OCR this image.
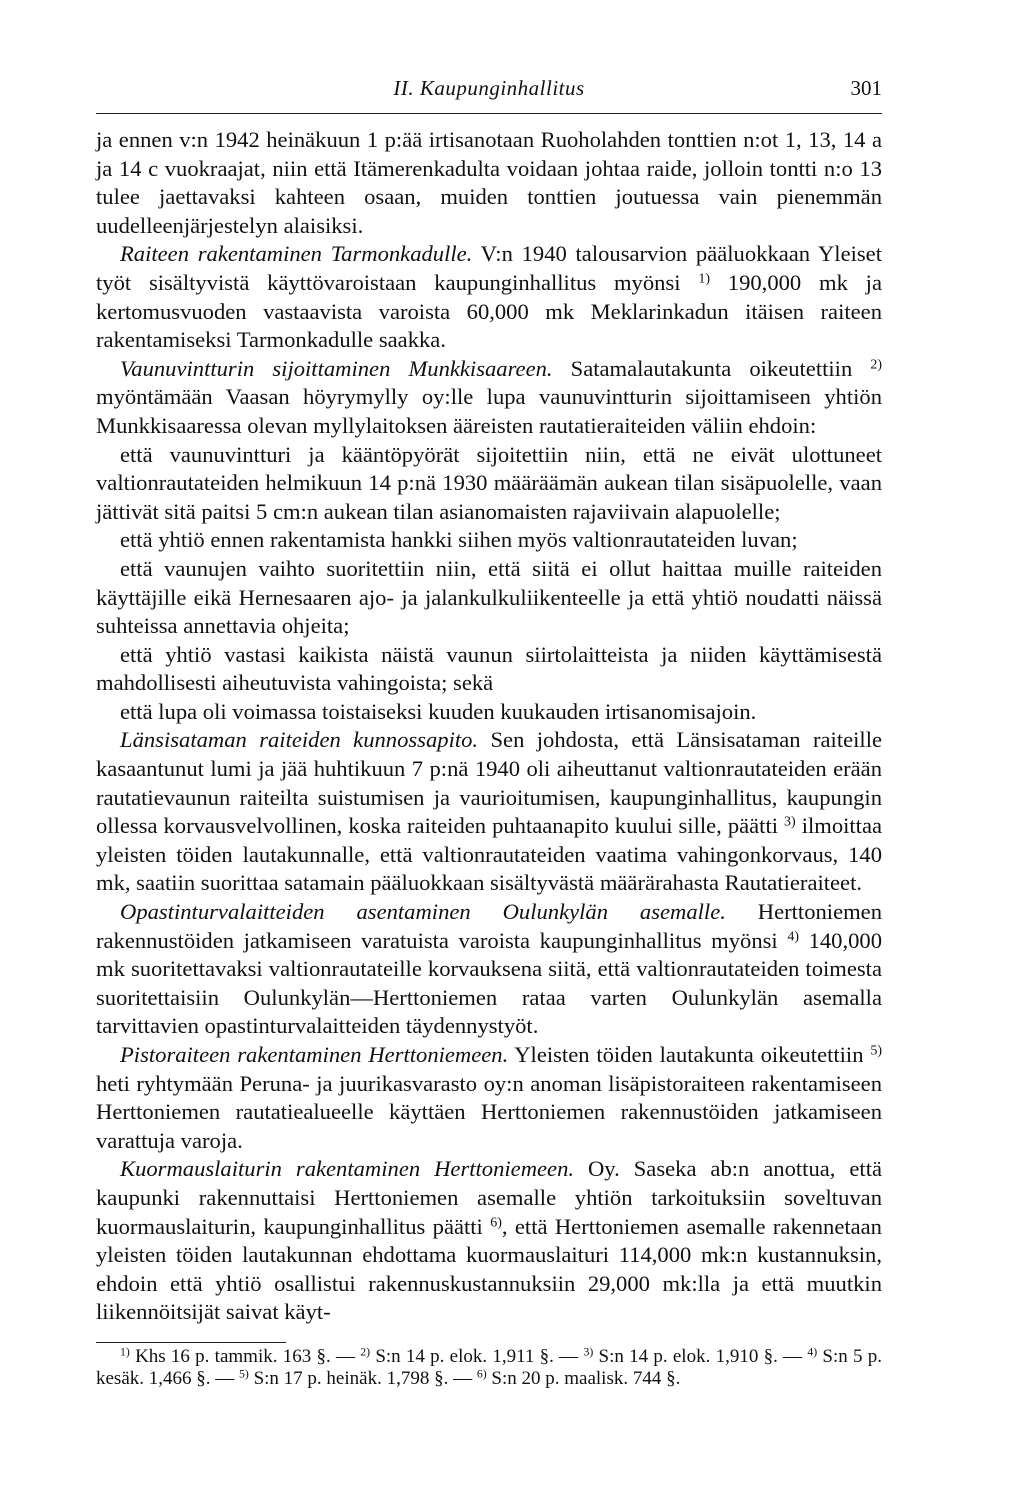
II. Kaupunginhallitus	301

ja ennen v:n 1942 heinäkuun 1 p:ää irtisanotaan Ruoholahden tonttien n:ot 1, 13, 14 a ja 14 c vuokraajat, niin että Itämerenkadulta voidaan johtaa raide, jolloin tontti n:o 13 tulee jaettavaksi kahteen osaan, muiden tonttien joutuessa vain pienemmän uudelleenjärjestelyn alaisiksi.

Raiteen rakentaminen Tarmonkadulle. V:n 1940 talousarvion pääluokkaan Yleiset työt sisältyvistä käyttövaroistaan kaupunginhallitus myönsi $^{1)}$ 190,000 mk ja kertomusvuoden vastaavista varoista 60,000 mk Meklarinkadun itäisen raiteen rakentamiseksi Tarmonkadulle saakka.

Vaunuvintturin sijoittaminen Munkkisaareen. Satamalautakunta oikeutettiin $^{2)}$ myöntämään Vaasan höyrymylly oy:lle lupa vaunuvintturin sijoittamiseen yhtiön Munkkisaaressa olevan myllylaitoksen ääreisten rautatieraiteiden väliin ehdoin:

että vaunuvintturi ja kääntöpyörät sijoitettiin niin, että ne eivät ulottuneet valtionrautateiden helmikuun 14 p:nä 1930 määräämän aukean tilan sisäpuolelle, vaan jättivät sitä paitsi 5 cm:n aukean tilan asianomaisten rajaviivain alapuolelle;

että yhtiö ennen rakentamista hankki siihen myös valtionrautateiden luvan;

että vaunujen vaihto suoritettiin niin, että siitä ei ollut haittaa muille raiteiden käyttäjille eikä Hernesaaren ajo- ja jalankulkuliikenteelle ja että yhtiö noudatti näissä suhteissa annettavia ohjeita;

että yhtiö vastasi kaikista näistä vaunun siirtolaitteista ja niiden käyttämisestä mahdollisesti aiheutuvista vahingoista; sekä

että lupa oli voimassa toistaiseksi kuuden kuukauden irtisanomisajoin.

Länsisataman raiteiden kunnossapito. Sen johdosta, että Länsisataman raiteille kasaantunut lumi ja jää huhtikuun 7 p:nä 1940 oli aiheuttanut valtionrautateiden erään rautatievaunun raiteilta suistumisen ja vaurioitumisen, kaupunginhallitus, kaupungin ollessa korvausvelvollinen, koska raiteiden puhtaanapito kuului sille, päätti $^{3)}$ ilmoittaa yleisten töiden lautakunnalle, että valtionrautateiden vaatima vahingonkorvaus, 140 mk, saatiin suorittaa satamain pääluokkaan sisältyvästä määrärahasta Rautatieraiteet.

Opastinturvalaitteiden asentaminen Oulunkylän asemalle. Herttoniemen rakennustöiden jatkamiseen varatuista varoista kaupunginhallitus myönsi $^{4)}$ 140,000 mk suoritettavaksi valtionrautateille korvauksena siitä, että valtionrautateiden toimesta suoritettaisiin Oulunkylän—Herttoniemen rataa varten Oulunkylän asemalla tarvittavien opastinturvalaitteiden täydennystyöt.

Pistoraiteen rakentaminen Herttoniemeen. Yleisten töiden lautakunta oikeutettiin $^{5)}$ heti ryhtymään Peruna- ja juurikasvarasto oy:n anoman lisäpistoraiteen rakentamiseen Herttoniemen rautatiealueelle käyttäen Herttoniemen rakennustöiden jatkamiseen varattuja varoja.

Kuormauslaiturin rakentaminen Herttoniemeen. Oy. Saseka ab:n anottua, että kaupunki rakennuttaisi Herttoniemen asemalle yhtiön tarkoituksiin soveltuvan kuormauslaiturin, kaupunginhallitus päätti $^{6)}$, että Herttoniemen asemalle rakennetaan yleisten töiden lautakunnan ehdottama kuormauslaituri 114,000 mk:n kustannuksin, ehdoin että yhtiö osallistui rakennuskustannuksiin 29,000 mk:lla ja että muutkin liikennöitsijät saivat käyt-

$^{1)}$ Khs 16 p. tammik. 163 §. — $^{2)}$ S:n 14 p. elok. 1,911 §. — $^{3)}$ S:n 14 p. elok. 1,910 §. — $^{4)}$ S:n 5 p. kesäk. 1,466 §. — $^{5)}$ S:n 17 p. heinäk. 1,798 §. — $^{6)}$ S:n 20 p. maalisk. 744 §.
